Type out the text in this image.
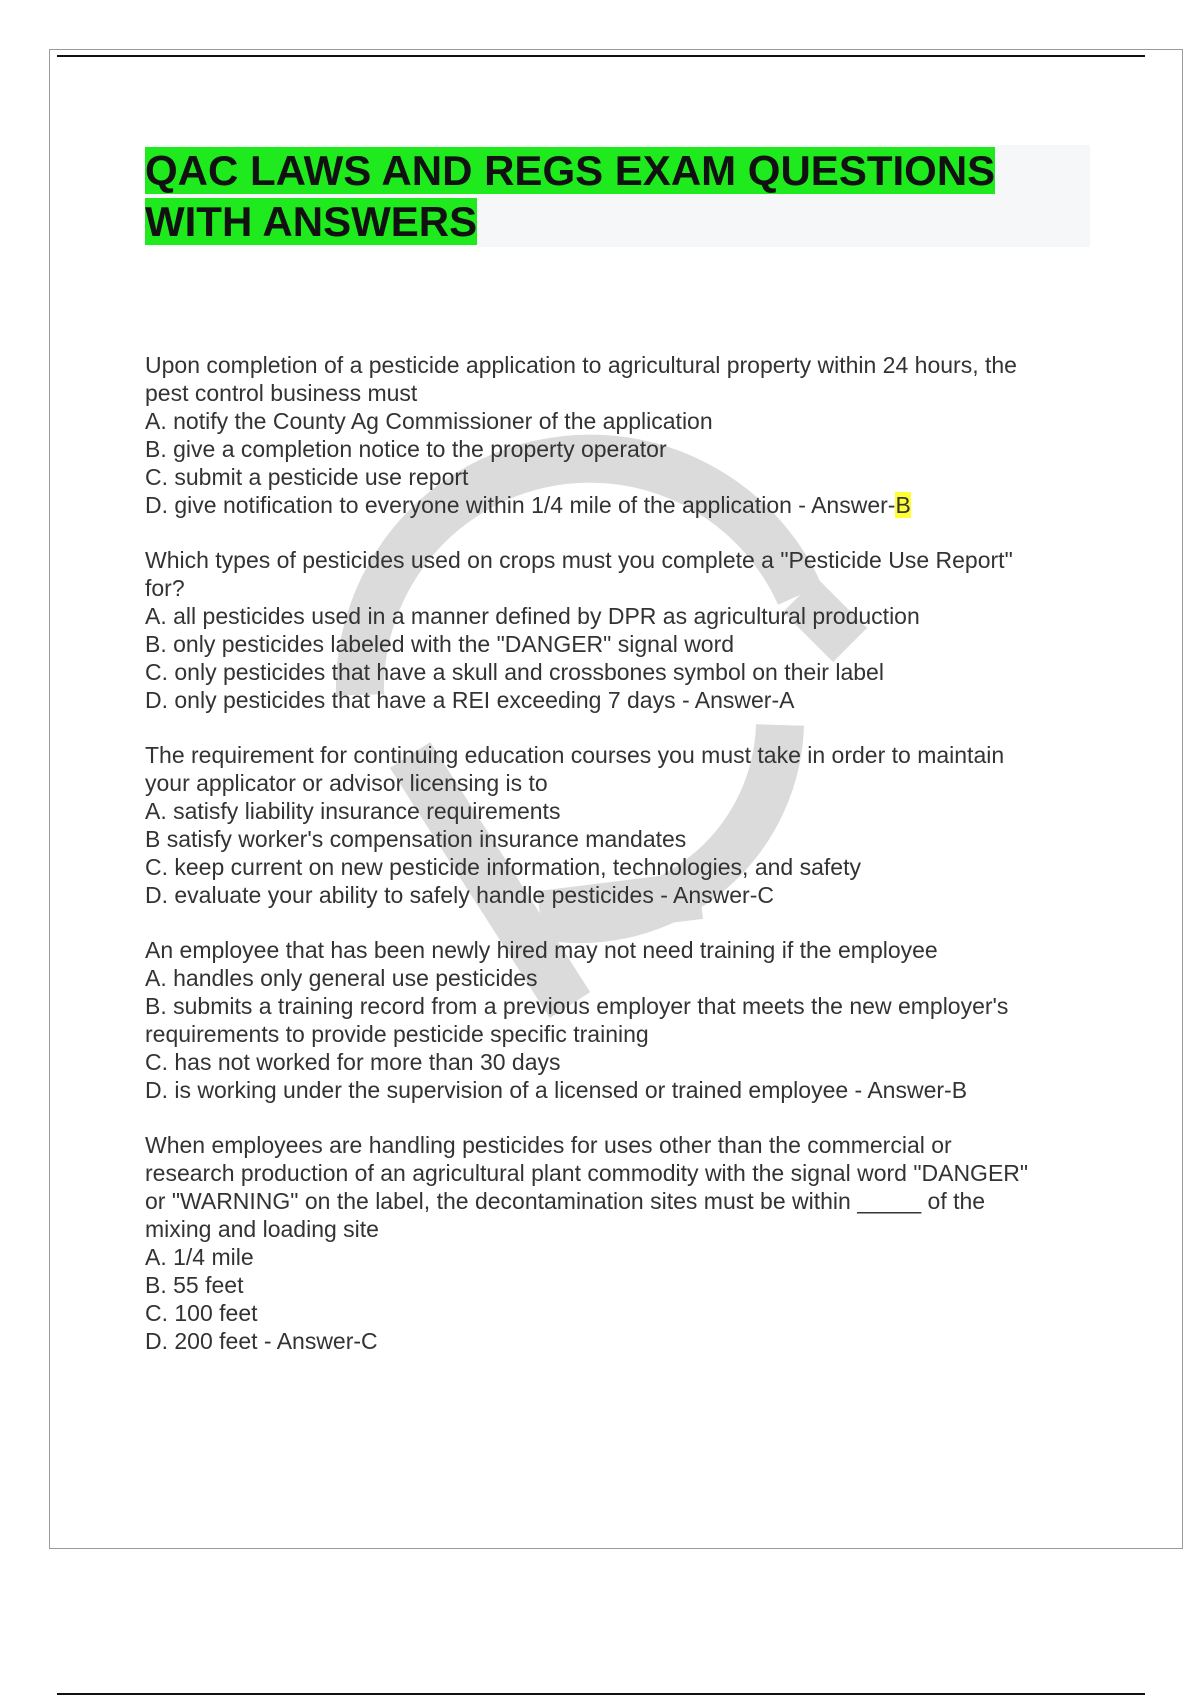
QAC LAWS AND REGS EXAM QUESTIONS
WITH ANSWERS

Upon completion of a pesticide application to agricultural property within 24 hours, the

pest control business must

A. notify the County Ag Commissioner of the application

B. give a completion notice to the property operator

C. submit a pesticide use report

D. give notification to everyone within 1/4 mile of the application - Answer-B

Which types of pesticides used on crops must you complete a "Pesticide Use Report"

for?

A. all pesticides used in a manner defined by DPR as agricultural production

B. only pesticides labeled with the "DANGER" signal word

C. only pesticides that have a skull and crossbones symbol on their label

D. only pesticides that have a REI exceeding 7 days - Answer-A

The requirement for continuing education courses you must take in order to maintain

your applicator or advisor licensing is to

A. satisfy liability insurance requirements

B satisfy worker's compensation insurance mandates

C. keep current on new pesticide information, technologies, and safety

D. evaluate your ability to safely handle pesticides - Answer-C

An employee that has been newly hired may not need training if the employee

A. handles only general use pesticides

B. submits a training record from a previous employer that meets the new employer's

requirements to provide pesticide specific training

C. has not worked for more than 30 days

D. is working under the supervision of a licensed or trained employee - Answer-B

When employees are handling pesticides for uses other than the commercial or

research production of an agricultural plant commodity with the signal word "DANGER"

or "WARNING" on the label, the decontamination sites must be within _____ of the

mixing and loading site

A. 1/4 mile

B. 55 feet

C. 100 feet

D. 200 feet - Answer-C
